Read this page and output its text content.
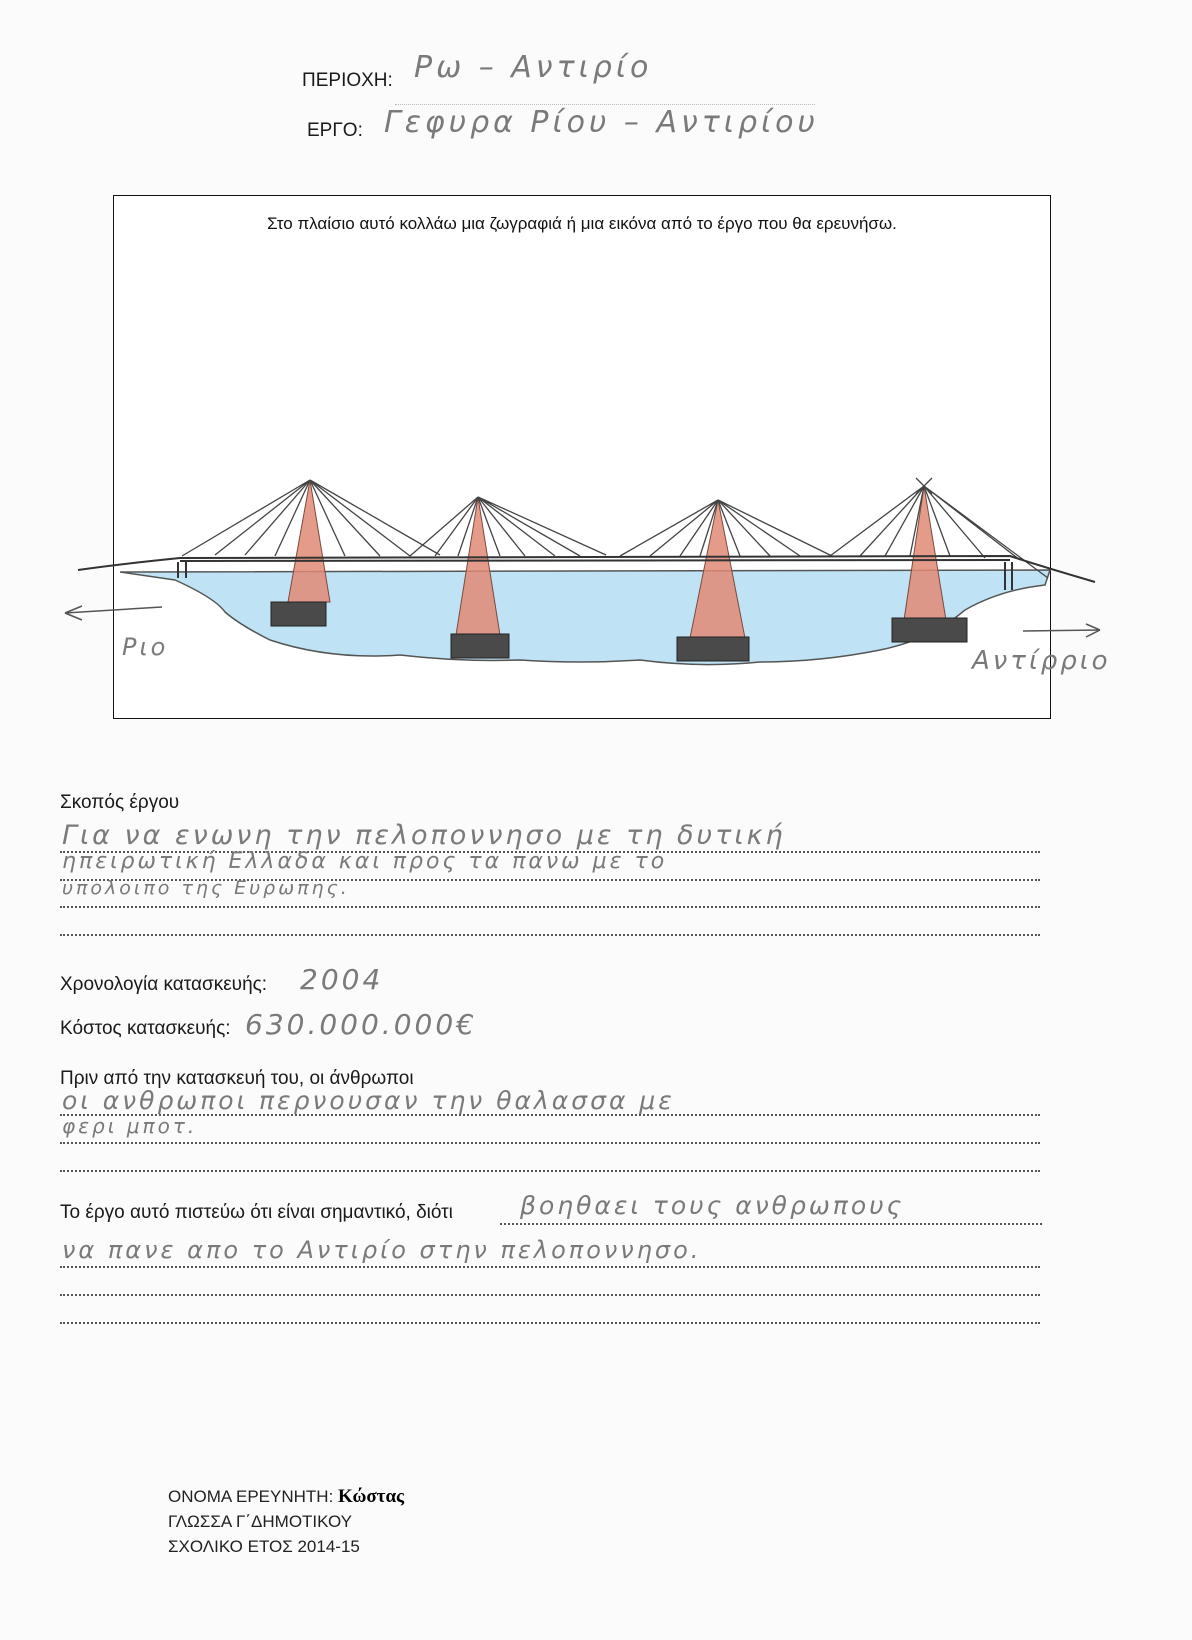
ΠΕΡΙΟΧΗ: Ρω – Αντιρίο
ΕΡΓΟ: Γεφυρα Ρίου – Αντιρίου
Στο πλαίσιο αυτό κολλάω μια ζωγραφιά ή μια εικόνα από το έργο που θα ερευνήσω.
Ριο	Αντίρριο
Σκοπός έργου
Για να ενωνη την πελοποννησο με τη δυτική
ηπειρωτική Ελλαδα και προς τα πανω με το
υπολοιπο της Ευρωπης.
Χρονολογία κατασκευής: 2004
Κόστος κατασκευής: 630.000.000€
Πριν από την κατασκευή του, οι άνθρωποι
οι ανθρωποι περνουσαν την θαλασσα με
φερι μποτ.
Το έργο αυτό πιστεύω ότι είναι σημαντικό, διότι	βοηθαει τους ανθρωπους
να πανε απο το Αντιρίο στην πελοποννησο.
ΟΝΟΜΑ ΕΡΕΥΝΗΤΗ: Κώστας
ΓΛΩΣΣΑ Γ΄ΔΗΜΟΤΙΚΟΥ
ΣΧΟΛΙΚΟ ΕΤΟΣ 2014-15
